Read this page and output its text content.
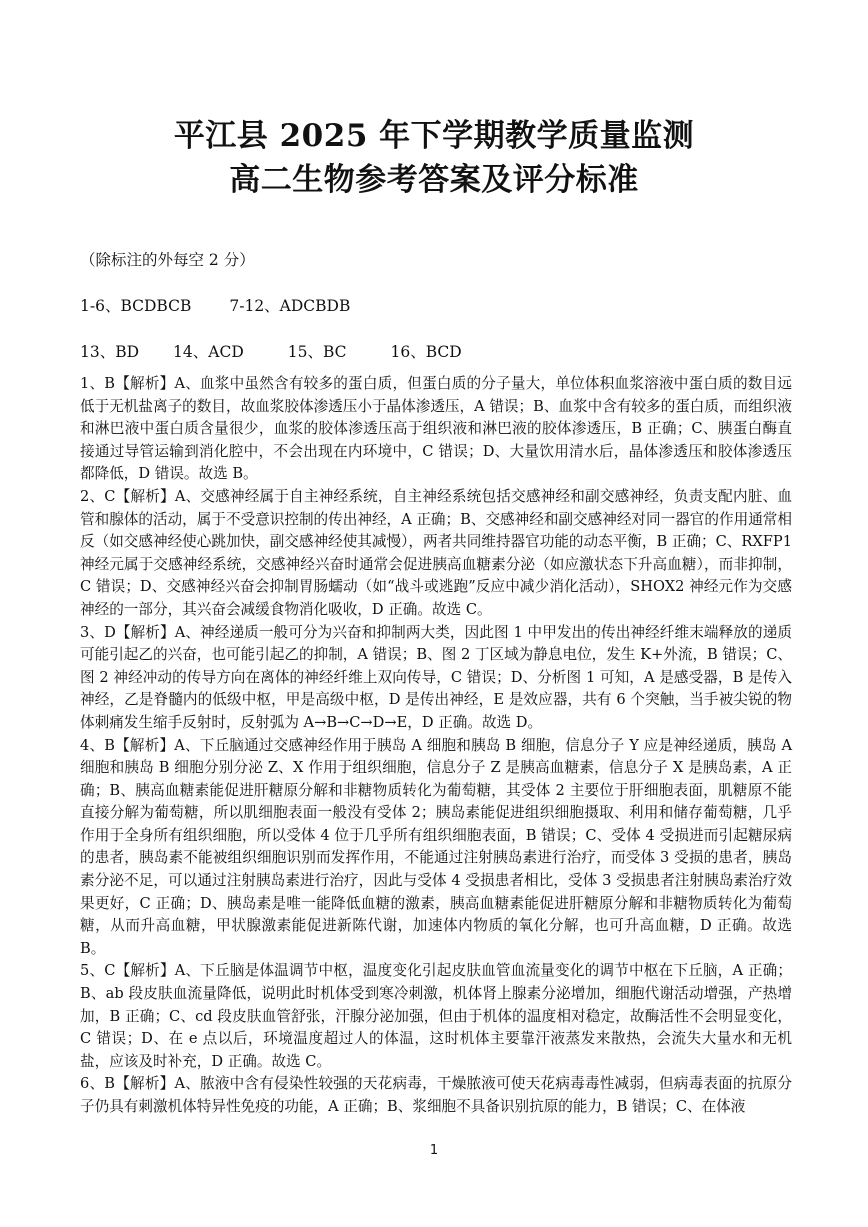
平江县 2025 年下学期教学质量监测
高二生物参考答案及评分标准
（除标注的外每空 2 分）
1-6、BCDBCB 7-12、ADCBDB
13、BD 14、ACD	15、BC	16、BCD

1、B【解析】A、血浆中虽然含有较多的蛋白质，但蛋白质的分子量大，单位体积血浆溶液中蛋白质的数目远低于无机盐离子的数目，故血浆胶体渗透压小于晶体渗透压，A 错误；B、血浆中含有较多的蛋白质，而组织液和淋巴液中蛋白质含量很少，血浆的胶体渗透压高于组织液和淋巴液的胶体渗透压，B 正确；C、胰蛋白酶直接通过导管运输到消化腔中，不会出现在内环境中，C 错误；D、大量饮用清水后，晶体渗透压和胶体渗透压都降低，D 错误。故选 B。

2、C【解析】A、交感神经属于自主神经系统，自主神经系统包括交感神经和副交感神经，负责支配内脏、血管和腺体的活动，属于不受意识控制的传出神经，A 正确；B、交感神经和副交感神经对同一器官的作用通常相反（如交感神经使心跳加快，副交感神经使其减慢），两者共同维持器官功能的动态平衡，B 正确；C、RXFP1 神经元属于交感神经系统，交感神经兴奋时通常会促进胰高血糖素分泌（如应激状态下升高血糖），而非抑制，C 错误；D、交感神经兴奋会抑制胃肠蠕动（如“战斗或逃跑”反应中减少消化活动），SHOX2 神经元作为交感神经的一部分，其兴奋会减缓食物消化吸收，D 正确。故选 C。

3、D【解析】A、神经递质一般可分为兴奋和抑制两大类，因此图 1 中甲发出的传出神经纤维末端释放的递质可能引起乙的兴奋，也可能引起乙的抑制，A 错误；B、图 2 丁区域为静息电位，发生 K+外流，B 错误；C、图 2 神经冲动的传导方向在离体的神经纤维上双向传导，C 错误；D、分析图 1 可知，A 是感受器，B 是传入神经，乙是脊髓内的低级中枢，甲是高级中枢，D 是传出神经，E 是效应器，共有 6 个突触，当手被尖锐的物体刺痛发生缩手反射时，反射弧为 A→B→C→D→E，D 正确。故选 D。

4、B【解析】A、下丘脑通过交感神经作用于胰岛 A 细胞和胰岛 B 细胞，信息分子 Y 应是神经递质，胰岛 A 细胞和胰岛 B 细胞分别分泌 Z、X 作用于组织细胞，信息分子 Z 是胰高血糖素，信息分子 X 是胰岛素，A 正确；B、胰高血糖素能促进肝糖原分解和非糖物质转化为葡萄糖，其受体 2 主要位于肝细胞表面，肌糖原不能直接分解为葡萄糖，所以肌细胞表面一般没有受体 2；胰岛素能促进组织细胞摄取、利用和储存葡萄糖，几乎作用于全身所有组织细胞，所以受体 4 位于几乎所有组织细胞表面，B 错误；C、受体 4 受损进而引起糖尿病的患者，胰岛素不能被组织细胞识别而发挥作用，不能通过注射胰岛素进行治疗，而受体 3 受损的患者，胰岛素分泌不足，可以通过注射胰岛素进行治疗，因此与受体 4 受损患者相比，受体 3 受损患者注射胰岛素治疗效果更好，C 正确；D、胰岛素是唯一能降低血糖的激素，胰高血糖素能促进肝糖原分解和非糖物质转化为葡萄糖，从而升高血糖，甲状腺激素能促进新陈代谢，加速体内物质的氧化分解，也可升高血糖，D 正确。故选 B。

5、C【解析】A、下丘脑是体温调节中枢，温度变化引起皮肤血管血流量变化的调节中枢在下丘脑，A 正确；B、ab 段皮肤血流量降低，说明此时机体受到寒冷刺激，机体肾上腺素分泌增加，细胞代谢活动增强，产热增加，B 正确；C、cd 段皮肤血管舒张，汗腺分泌加强，但由于机体的温度相对稳定，故酶活性不会明显变化，C 错误；D、在 e 点以后，环境温度超过人的体温，这时机体主要靠汗液蒸发来散热，会流失大量水和无机盐，应该及时补充，D 正确。故选 C。

6、B【解析】A、脓液中含有侵染性较强的天花病毒，干燥脓液可使天花病毒毒性减弱，但病毒表面的抗原分子仍具有刺激机体特异性免疫的功能，A 正确；B、浆细胞不具备识别抗原的能力，B 错误；C、在体液

1
